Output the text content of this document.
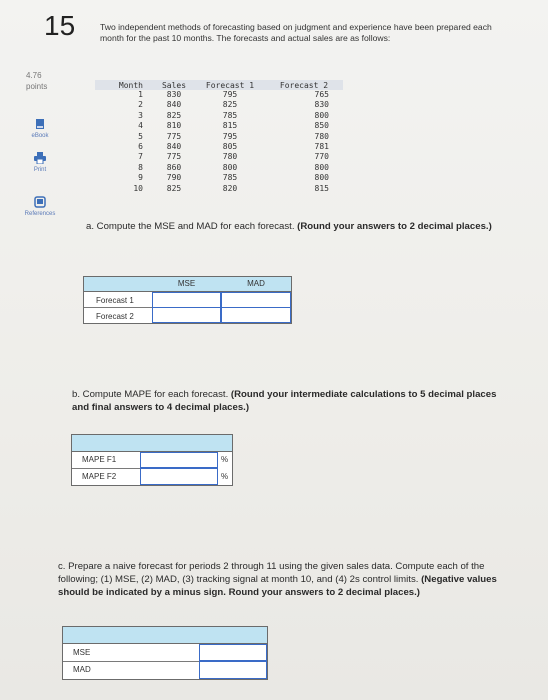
15
4.76
points
eBook
Print
References
Two independent methods of forecasting based on judgment and experience have been prepared each month for the past 10 months. The forecasts and actual sales are as follows:
Month	Sales	Forecast 1	Forecast 2
1	830	795	765
2	840	825	830
3	825	785	800
4	810	815	850
5	775	795	780
6	840	805	781
7	775	780	770
8	860	800	800
9	790	785	800
10	825	820	815
a. Compute the MSE and MAD for each forecast. (Round your answers to 2 decimal places.)
MSE	MAD
Forecast 1
Forecast 2
b. Compute MAPE for each forecast. (Round your intermediate calculations to 5 decimal places and final answers to 4 decimal places.)
MAPE F1
MAPE F2
%
%
c. Prepare a naive forecast for periods 2 through 11 using the given sales data. Compute each of the following; (1) MSE, (2) MAD, (3) tracking signal at month 10, and (4) 2s control limits. (Negative values should be indicated by a minus sign. Round your answers to 2 decimal places.)
MSE
MAD
